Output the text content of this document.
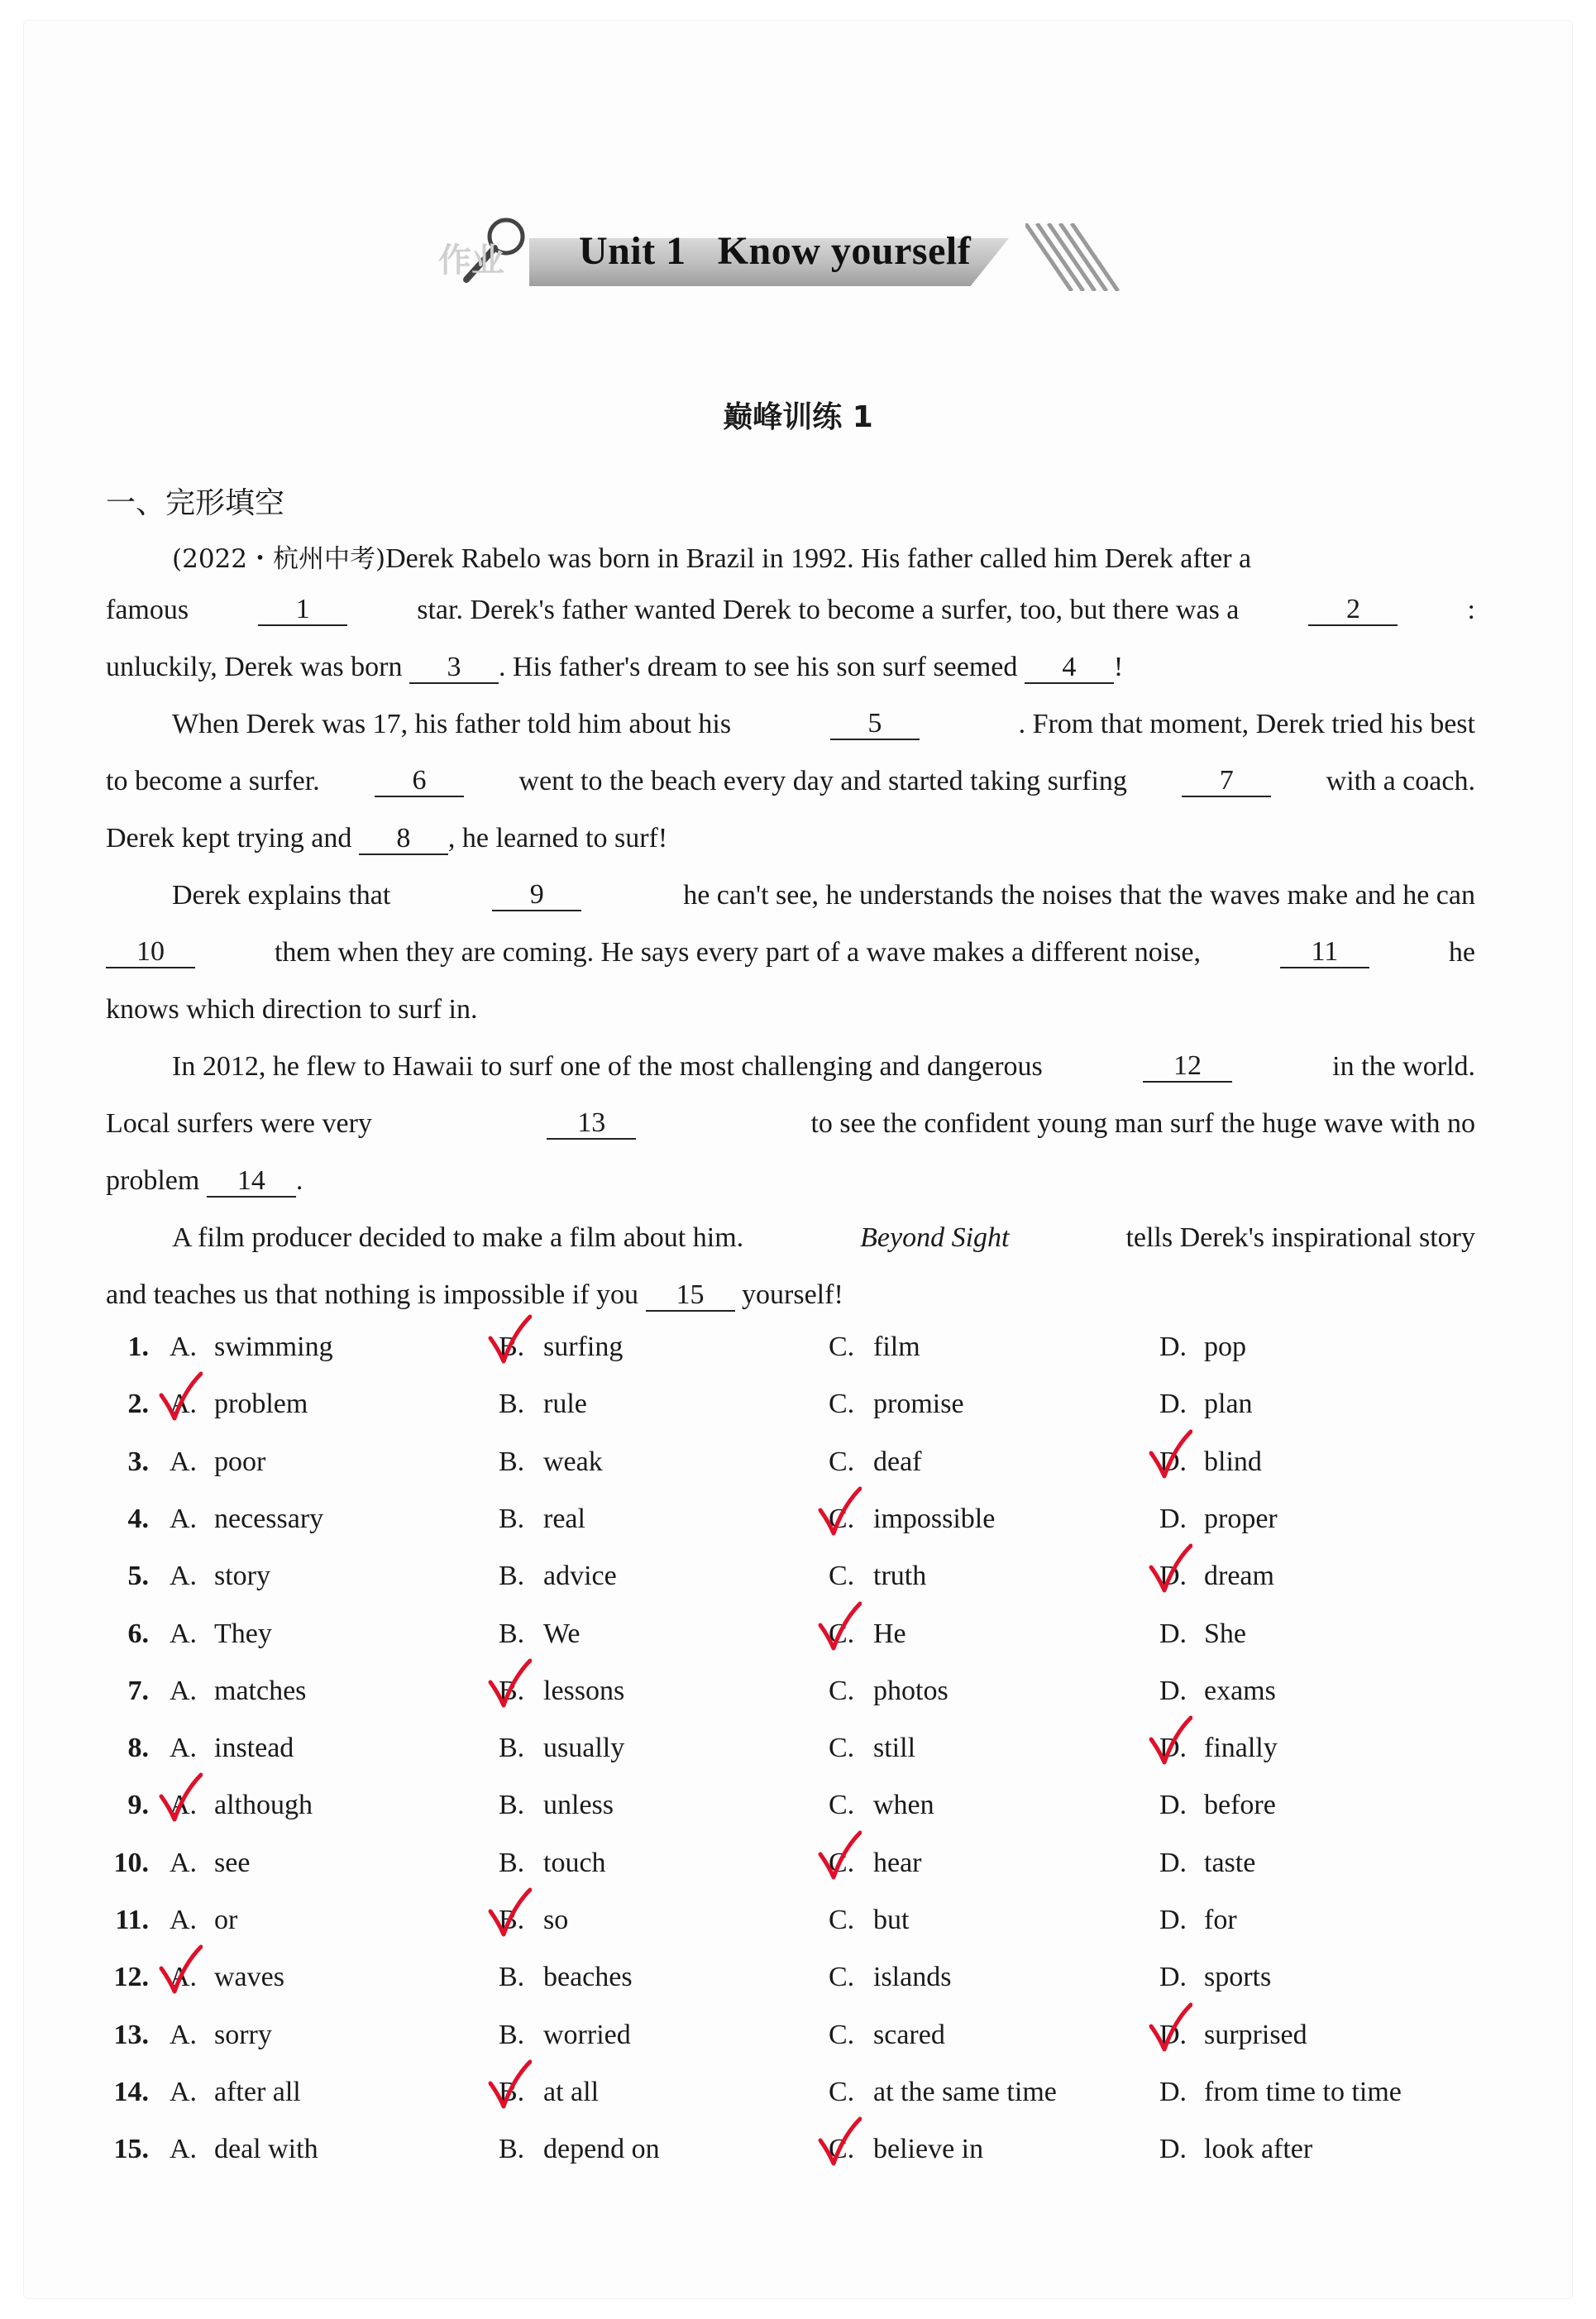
作业 Unit 1 Know yourself
巅峰训练 1
一、完形填空
(2022・杭州中考)Derek Rabelo was born in Brazil in 1992. His father called him Derek after a
famous	1	star. Derek's father wanted Derek to become a surfer, too, but there was a	2	:
unluckily, Derek was born 3 . His father's dream to see his son surf seemed 4 !
When Derek was 17, his father told him about his	5	. From that moment, Derek tried his best
to become a surfer.	6	went to the beach every day and started taking surfing	7	with a coach.
Derek kept trying and 8 , he learned to surf!
Derek explains that	9	he can't see, he understands the noises that the waves make and he can
10	them when they are coming. He says every part of a wave makes a different noise,	11	he
knows which direction to surf in.
In 2012, he flew to Hawaii to surf one of the most challenging and dangerous	12	in the world.
Local surfers were very	13	to see the confident young man surf the huge wave with no
problem 14 .
A film producer decided to make a film about him.	Beyond Sight	tells Derek's inspirational story
and teaches us that nothing is impossible if you 15 yourself!
1. A. swimming	B. surfing	C. film	D. pop
2. A. problem	B. rule	C. promise	D. plan
3. A. poor	B. weak	C. deaf	D. blind
4. A. necessary	B. real	C. impossible	D. proper
5. A. story	B. advice	C. truth	D. dream
6. A. They	B. We	C. He	D. She
7. A. matches	B. lessons	C. photos	D. exams
8. A. instead	B. usually	C. still	D. finally
9. A. although	B. unless	C. when	D. before
10. A. see	B. touch	C. hear	D. taste
11. A. or	B. so	C. but	D. for
12. A. waves	B. beaches	C. islands	D. sports
13. A. sorry	B. worried	C. scared	D. surprised
14. A. after all	B. at all	C. at the same time	D. from time to time
15. A. deal with	B. depend on	C. believe in	D. look after
